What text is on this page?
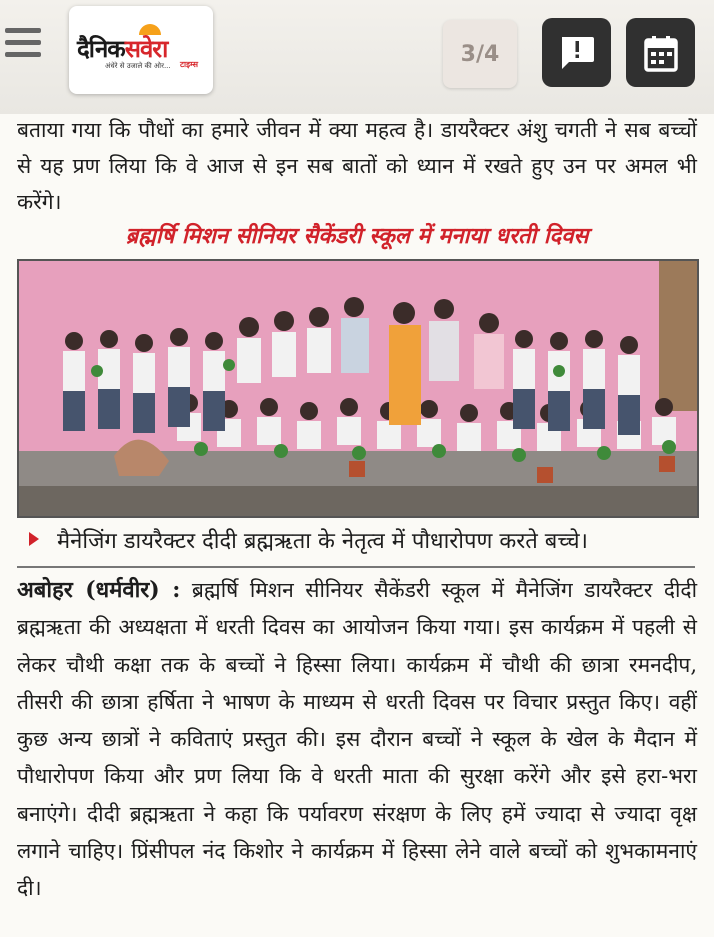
दैनिकसवेरा
अंधेरे से उजाले की ओर... टाइम्स	3/4
बताया गया कि पौधों का हमारे जीवन में क्या महत्व है। डायरैक्टर अंशु चगती ने सब बच्चों से यह प्रण लिया कि वे आज से इन सब बातों को ध्यान में रखते हुए उन पर अमल भी करेंगे।
ब्रह्मर्षि मिशन सीनियर सैकेंडरी स्कूल में मनाया धरती दिवस
मैनेजिंग डायरैक्टर दीदी ब्रह्मऋता के नेतृत्व में पौधारोपण करते बच्चे।
अबोहर (धर्मवीर) : ब्रह्मर्षि मिशन सीनियर सैकेंडरी स्कूल में मैनेजिंग डायरैक्टर दीदी ब्रह्मऋता की अध्यक्षता में धरती दिवस का आयोजन किया गया। इस कार्यक्रम में पहली से लेकर चौथी कक्षा तक के बच्चों ने हिस्सा लिया। कार्यक्रम में चौथी की छात्रा रमनदीप, तीसरी की छात्रा हर्षिता ने भाषण के माध्यम से धरती दिवस पर विचार प्रस्तुत किए। वहीं कुछ अन्य छात्रों ने कविताएं प्रस्तुत की। इस दौरान बच्चों ने स्कूल के खेल के मैदान में पौधारोपण किया और प्रण लिया कि वे धरती माता की सुरक्षा करेंगे और इसे हरा-भरा बनाएंगे। दीदी ब्रह्मऋता ने कहा कि पर्यावरण संरक्षण के लिए हमें ज्यादा से ज्यादा वृक्ष लगाने चाहिए। प्रिंसीपल नंद किशोर ने कार्यक्रम में हिस्सा लेने वाले बच्चों को शुभकामनाएं दी।
